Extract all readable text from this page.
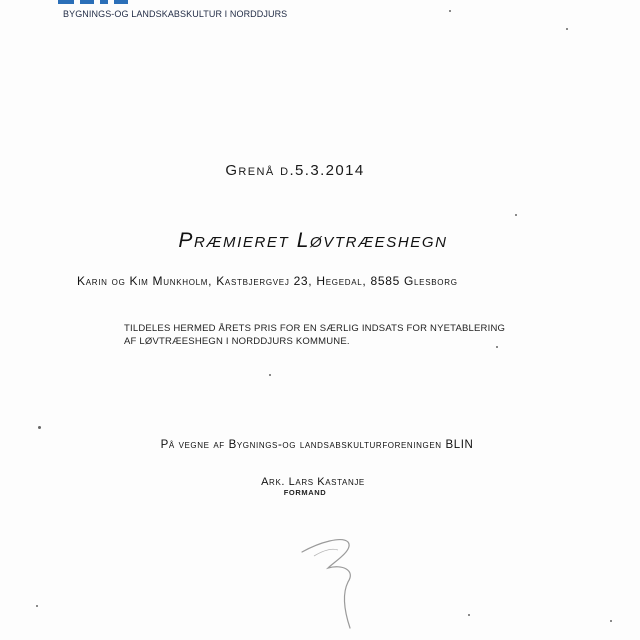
BYGNINGS-OG LANDSKABSKULTUR I NORDDJURS
Grenå d.5.3.2014
Præmieret Løvtræeshegn
Karin og Kim Munkholm, Kastbjergvej 23, Hegedal, 8585 Glesborg
TILDELES HERMED ÅRETS PRIS FOR EN SÆRLIG INDSATS FOR NYETABLERING
AF LØVTRÆESHEGN I NORDDJURS KOMMUNE.
På vegne af Bygnings-og landsabskulturforeningen BLIN
Ark. Lars Kastanje
FORMAND
